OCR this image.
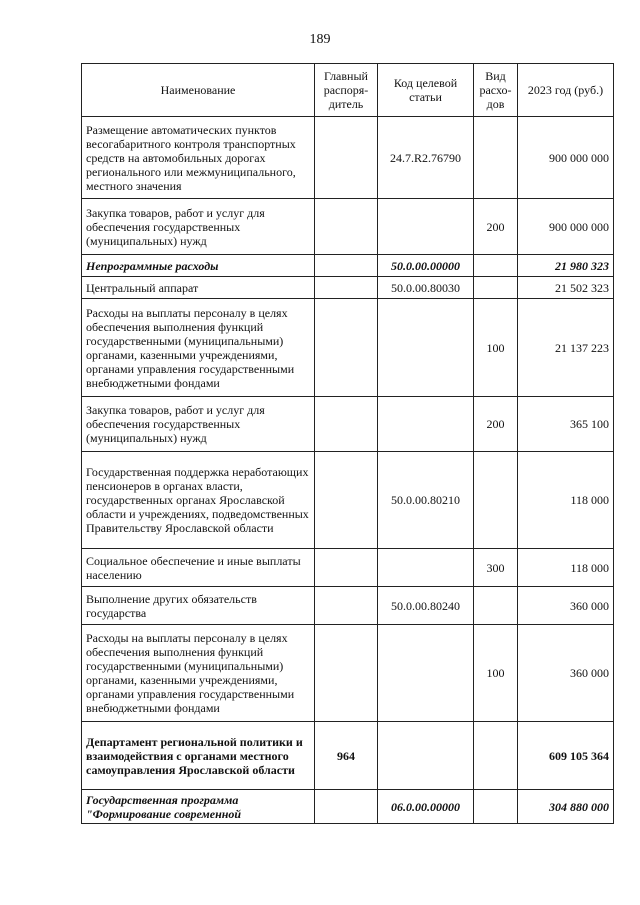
189
Наименование	Главный распоря-дитель	Код целевой статьи	Вид расхо-дов	2023 год (руб.)
Размещение автоматических пунктов весогабаритного контроля транспортных средств на автомобильных дорогах регионального или межмуниципального, местного значения		24.7.R2.76790		900 000 000
Закупка товаров, работ и услуг для обеспечения государственных (муниципальных) нужд			200	900 000 000
Непрограммные расходы		50.0.00.00000		21 980 323
Центральный аппарат		50.0.00.80030		21 502 323
Расходы на выплаты персоналу в целях обеспечения выполнения функций государственными (муниципальными) органами, казенными учреждениями, органами управления государственными внебюджетными фондами			100	21 137 223
Закупка товаров, работ и услуг для обеспечения государственных (муниципальных) нужд			200	365 100
Государственная поддержка неработающих пенсионеров в органах власти, государственных органах Ярославской области и учреждениях, подведомственных Правительству Ярославской области		50.0.00.80210		118 000
Социальное обеспечение и иные выплаты населению			300	118 000
Выполнение других обязательств государства		50.0.00.80240		360 000
Расходы на выплаты персоналу в целях обеспечения выполнения функций государственными (муниципальными) органами, казенными учреждениями, органами управления государственными внебюджетными фондами			100	360 000
Департамент региональной политики и взаимодействия с органами местного самоуправления Ярославской области	964			609 105 364
Государственная программа "Формирование современной		06.0.00.00000		304 880 000
